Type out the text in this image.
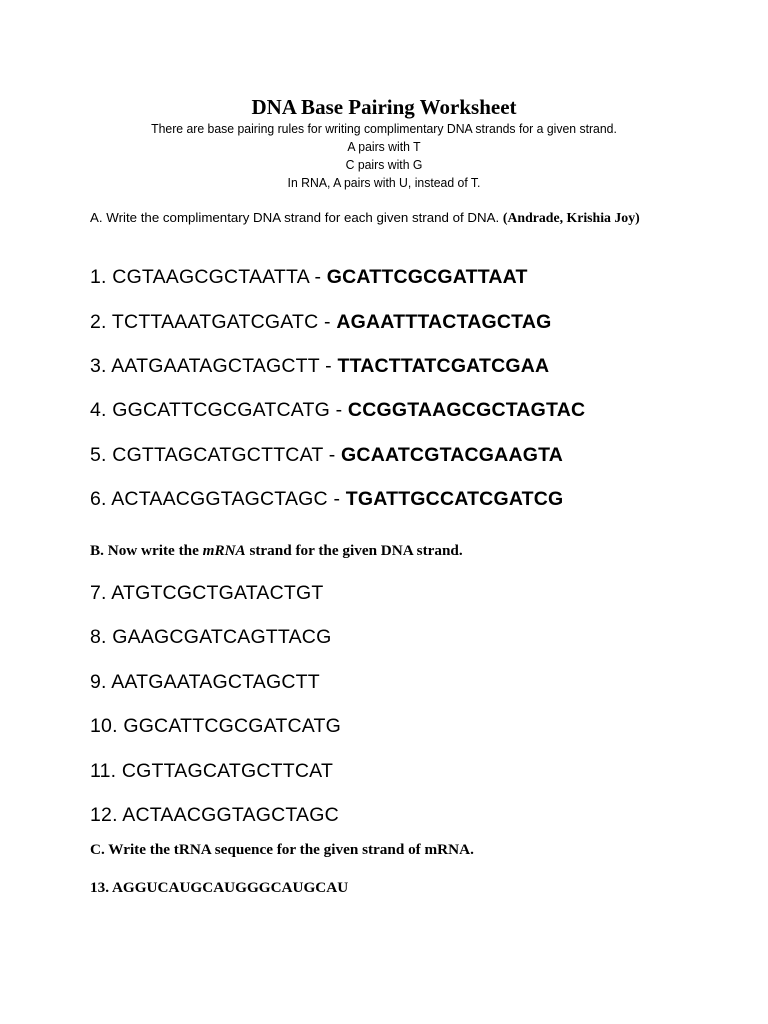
DNA Base Pairing Worksheet
There are base pairing rules for writing complimentary DNA strands for a given strand.
A pairs with T
C pairs with G
In RNA, A pairs with U, instead of T.
A. Write the complimentary DNA strand for each given strand of DNA. (Andrade, Krishia Joy)
1. CGTAAGCGCTAATTA - GCATTCGCGATTAAT
2. TCTTAAATGATCGATC - AGAATTTACTAGCTAG
3. AATGAATAGCTAGCTT - TTACTTATCGATCGAA
4. GGCATTCGCGATCATG - CCGGTAAGCGCTAGTAC
5. CGTTAGCATGCTTCAT - GCAATCGTACGAAGTA
6. ACTAACGGTAGCTAGC - TGATTGCCATCGATCG
B. Now write the mRNA strand for the given DNA strand.
7. ATGTCGCTGATACTGT
8. GAAGCGATCAGTTACG
9. AATGAATAGCTAGCTT
10. GGCATTCGCGATCATG
11. CGTTAGCATGCTTCAT
12. ACTAACGGTAGCTAGC
C. Write the tRNA sequence for the given strand of mRNA.
13. AGGUCAUGCAUGGGCAUGCAU
